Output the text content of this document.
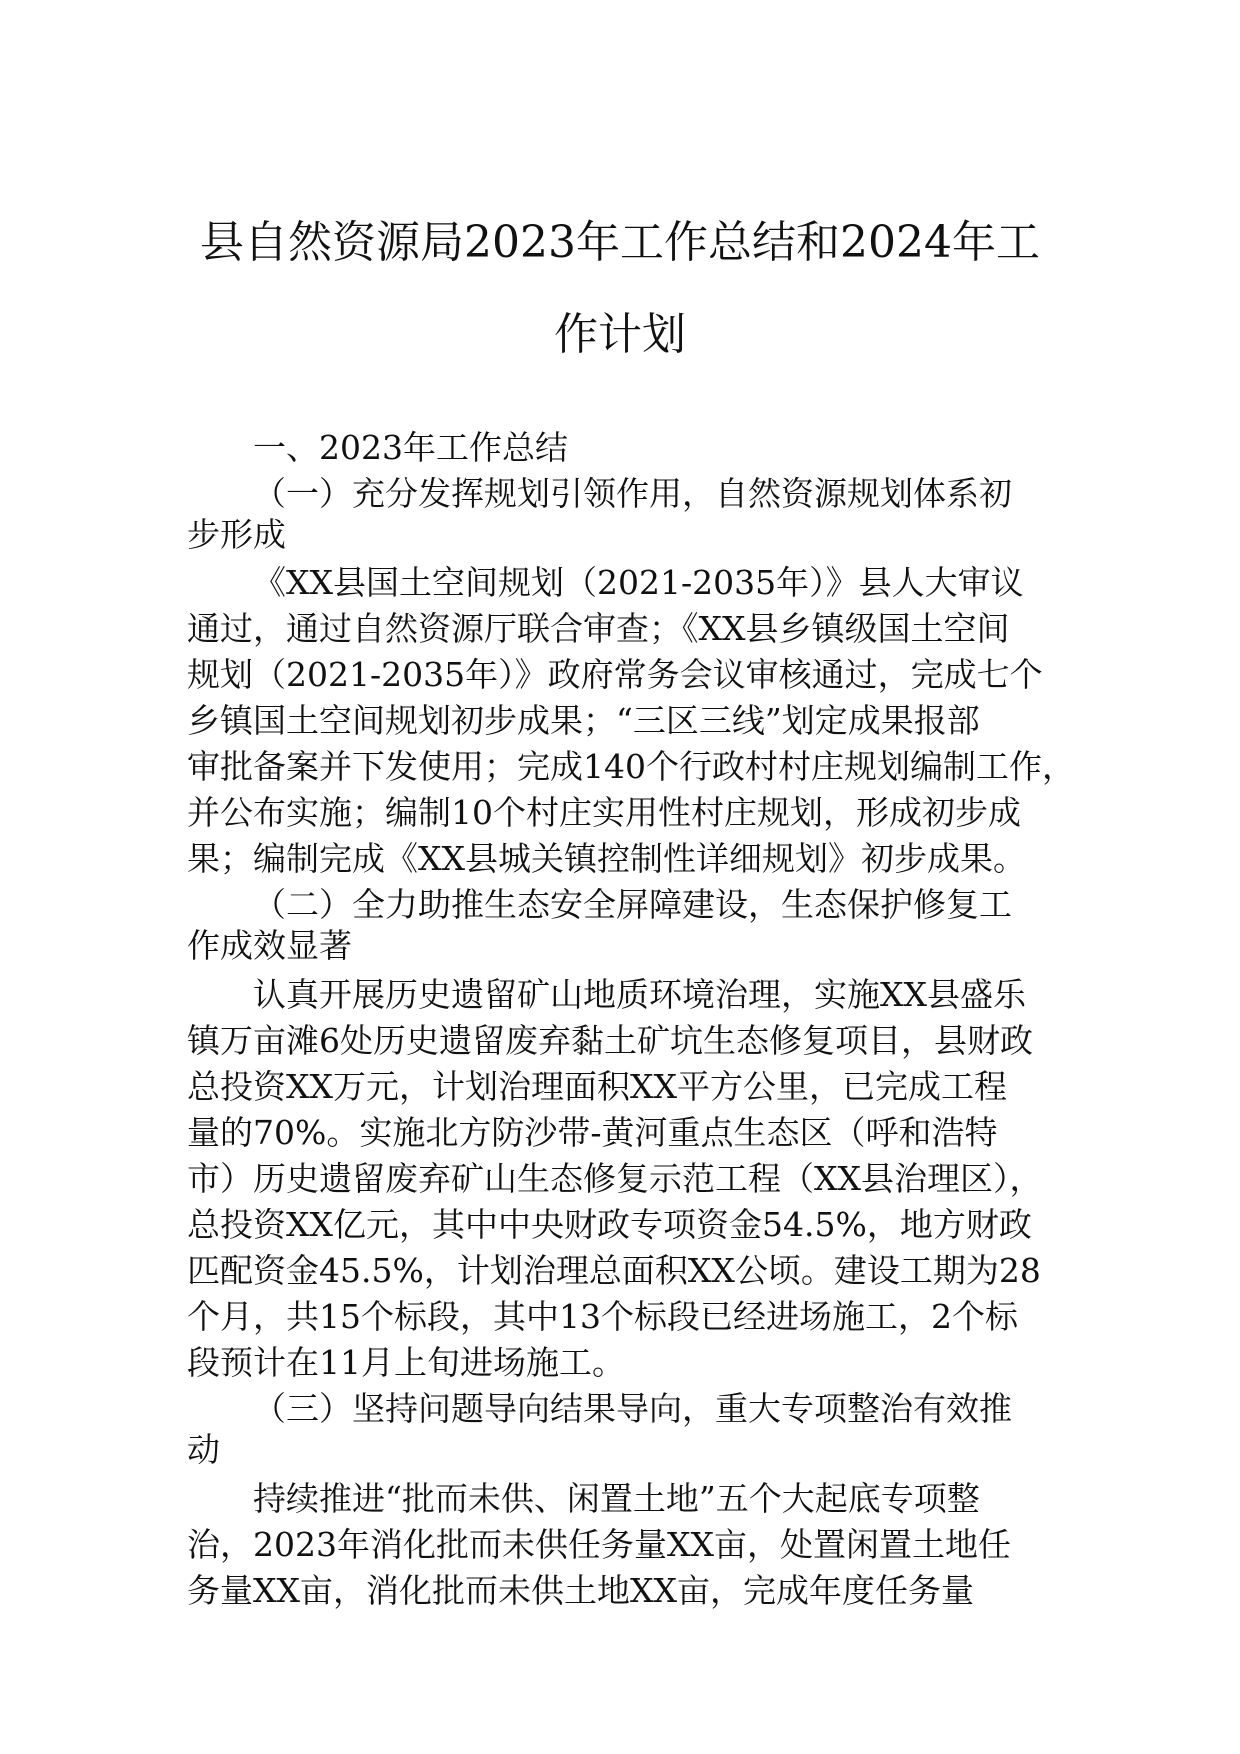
县自然资源局2023年工作总结和2024年工
作计划

一、2023年工作总结

（一）充分发挥规划引领作用，自然资源规划体系初

步形成

《XX县国土空间规划（2021-2035年）》县人大审议

通过，通过自然资源厅联合审查；《XX县乡镇级国土空间

规划（2021-2035年）》政府常务会议审核通过，完成七个

乡镇国土空间规划初步成果；“三区三线”划定成果报部

审批备案并下发使用；完成140个行政村村庄规划编制工作，

并公布实施；编制10个村庄实用性村庄规划，形成初步成

果；编制完成《XX县城关镇控制性详细规划》初步成果。

（二）全力助推生态安全屏障建设，生态保护修复工

作成效显著

认真开展历史遗留矿山地质环境治理，实施XX县盛乐

镇万亩滩6处历史遗留废弃黏土矿坑生态修复项目，县财政

总投资XX万元，计划治理面积XX平方公里，已完成工程

量的70%。实施北方防沙带-黄河重点生态区（呼和浩特

市）历史遗留废弃矿山生态修复示范工程（XX县治理区），

总投资XX亿元，其中中央财政专项资金54.5%，地方财政

匹配资金45.5%，计划治理总面积XX公顷。建设工期为28

个月，共15个标段，其中13个标段已经进场施工，2个标

段预计在11月上旬进场施工。

（三）坚持问题导向结果导向，重大专项整治有效推

动

持续推进“批而未供、闲置土地”五个大起底专项整

治，2023年消化批而未供任务量XX亩，处置闲置土地任

务量XX亩，消化批而未供土地XX亩，完成年度任务量
